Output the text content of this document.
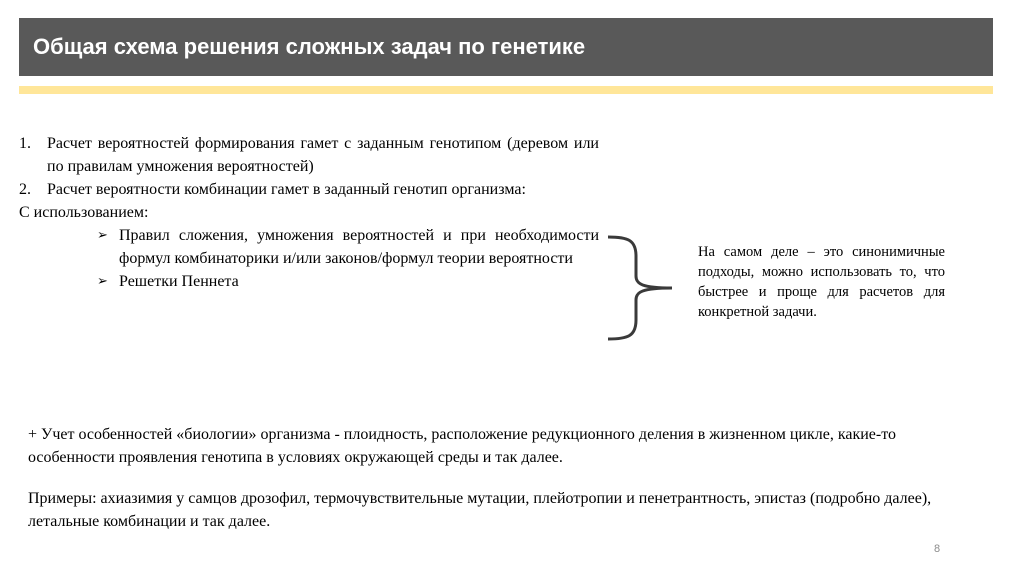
Общая схема решения сложных задач по генетике
1. Расчет вероятностей формирования гамет с заданным генотипом (деревом или по правилам умножения вероятностей)
2. Расчет вероятности комбинации гамет в заданный генотип организма:
С использованием:
➢ Правил сложения, умножения вероятностей и при необходимости формул комбинаторики и/или законов/формул теории вероятности
➢ Решетки Пеннета
На самом деле – это синонимичные подходы, можно использовать то, что быстрее и проще для расчетов для конкретной задачи.

+ Учет особенностей «биологии» организма - плоидность, расположение редукционного деления в жизненном цикле, какие-то особенности проявления генотипа в условиях окружающей среды и так далее.

Примеры: ахиазимия у самцов дрозофил, термочувствительные мутации, плейотропии и пенетрантность, эпистаз (подробно далее), летальные комбинации и так далее.

8
